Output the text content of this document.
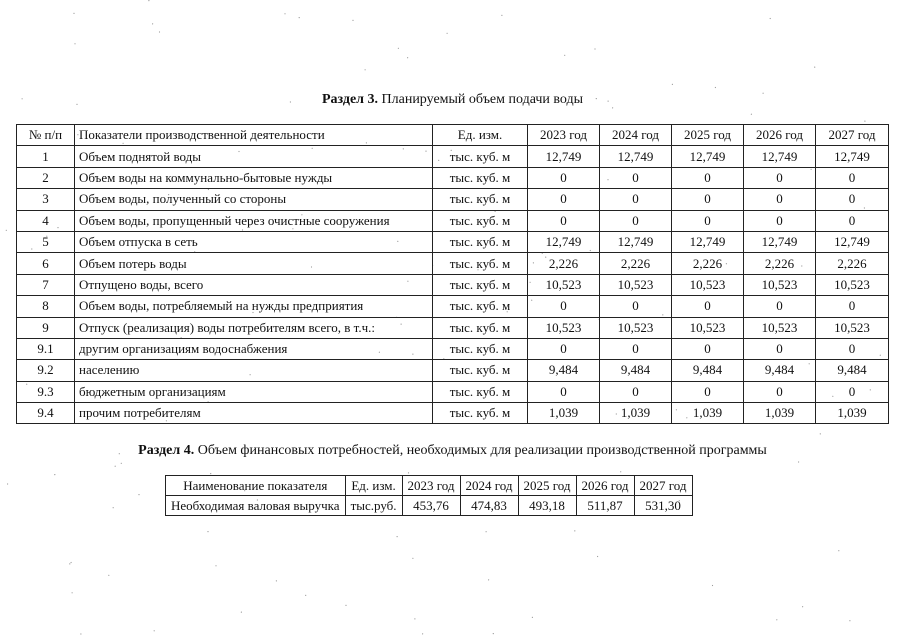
Раздел 3. Планируемый объем подачи воды
№ п/п	Показатели производственной деятельности	Ед. изм.	2023 год	2024 год	2025 год	2026 год	2027 год
1	Объем поднятой воды	тыс. куб. м	12,749	12,749	12,749	12,749	12,749
2	Объем воды на коммунально-бытовые нужды	тыс. куб. м	0	0	0	0	0
3	Объем воды, полученный со стороны	тыс. куб. м	0	0	0	0	0
4	Объем воды, пропущенный через очистные сооружения	тыс. куб. м	0	0	0	0	0
5	Объем отпуска в сеть	тыс. куб. м	12,749	12,749	12,749	12,749	12,749
6	Объем потерь воды	тыс. куб. м	2,226	2,226	2,226	2,226	2,226
7	Отпущено воды, всего	тыс. куб. м	10,523	10,523	10,523	10,523	10,523
8	Объем воды, потребляемый на нужды предприятия	тыс. куб. м	0	0	0	0	0
9	Отпуск (реализация) воды потребителям всего, в т.ч.:	тыс. куб. м	10,523	10,523	10,523	10,523	10,523
9.1	другим организациям водоснабжения	тыс. куб. м	0	0	0	0	0
9.2	населению	тыс. куб. м	9,484	9,484	9,484	9,484	9,484
9.3	бюджетным организациям	тыс. куб. м	0	0	0	0	0
9.4	прочим потребителям	тыс. куб. м	1,039	1,039	1,039	1,039	1,039
Раздел 4. Объем финансовых потребностей, необходимых для реализации производственной программы
Наименование показателя	Ед. изм.	2023 год	2024 год	2025 год	2026 год	2027 год
Необходимая валовая выручка	тыс.руб.	453,76	474,83	493,18	511,87	531,30
